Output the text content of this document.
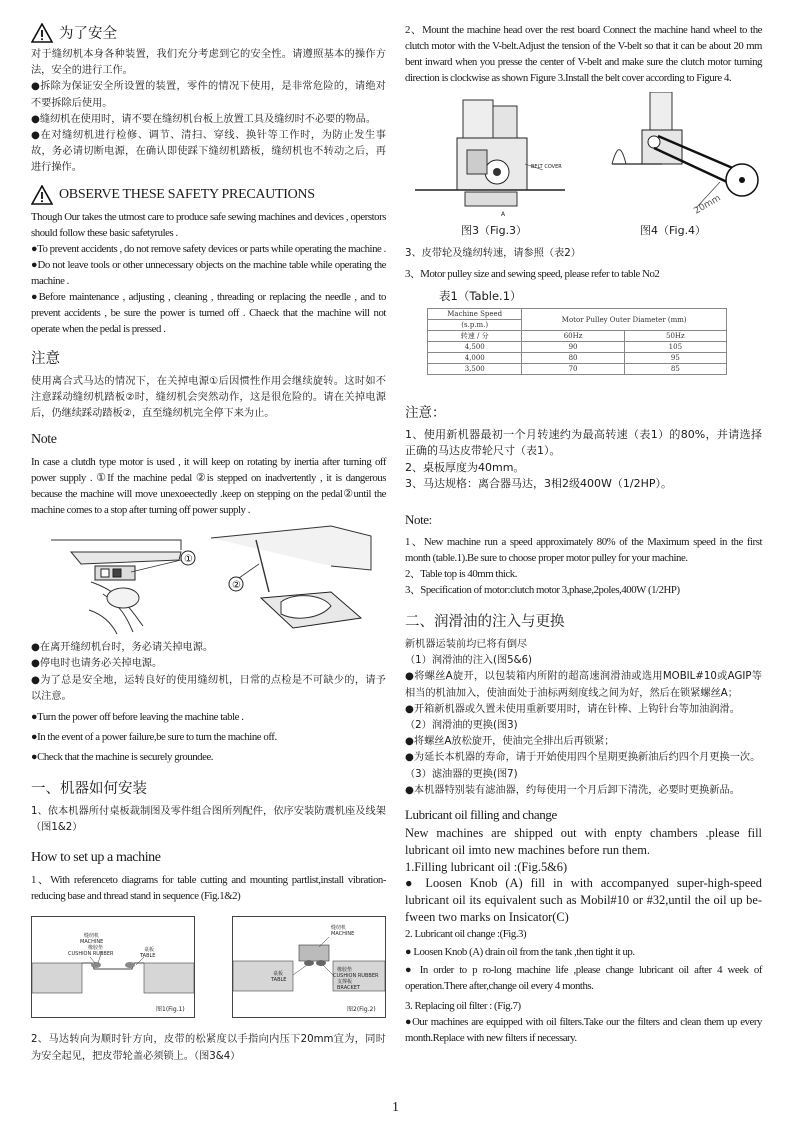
为了安全

对于缝纫机本身各种装置，我们充分考虑到它的安全性。请遵照基本的操作方法，安全的进行工作。

●拆除为保证安全所设置的装置，零件的情况下使用，是非常危险的，请绝对不要拆除后使用。

●缝纫机在使用时，请不要在缝纫机台板上放置工具及缝纫时不必要的物品。

●在对缝纫机进行检修、调节、清扫、穿线、换针等工作时，为防止发生事故，务必请切断电源，在确认即使踩下缝纫机踏板，缝纫机也不转动之后，再进行操作。

OBSERVE THESE SAFETY PRECAUTIONS

Though Our takes the utmost care to produce safe sewing machines and devices , operstors should follow these basic safetyrules .

●To prevent accidents , do not remove safety devices or parts while operating the machine .

●Do not leave tools or other unnecessary objects on the machine table while operating the machine .

●Before maintenance , adjusting , cleaning , threading or replacing the needle , and to prevent accidents , be sure the power is turned off . Chaeck that the machine will not operate when the pedal is pressed .

注意

使用离合式马达的情况下，在关掉电源①后因惯性作用会继续旋转。这时如不注意踩动缝纫机踏板②时，缝纫机会突然动作，这是很危险的。请在关掉电源后，仍继续踩动踏板②，直至缝纫机完全停下来为止。

Note

In case a clutdh type motor is used , it will keep on rotating by inertia after turning off power supply . ①If the machine pedal ②is stepped on inadvertently , it is dangerous because the machine will move unexoeectedly .keep on stepping on the pedal②until the machine comes to a stop after turning off power supply .

①
②

●在离开缝纫机台时，务必请关掉电源。

●停电时也请务必关掉电源。

●为了总是安全地，运转良好的使用缝纫机，日常的点检是不可缺少的，请予以注意。

●Turn the power off before leaving the machine table .

●In the event of a power failure,be sure to turn the machine off.

●Check that the machine is securely groundee.

一、机器如何安装

1、依本机器所付桌板裁制图及零件组合图所列配件，依序安装防震机座及线架（图1&2）

How to set up a machine

1、With referenceto diagrams for table cutting and mounting partlist,install vibration-reducing base and thread stand in sequence (Fig.1&2)

缝纫机
MACHINE
橡胶垫
CUSHION RUBBER
桌板
TABLE
图1(Fig.1)
缝纫机
MACHINE
桌板
TABLE
橡胶垫
CUSHION RUBBER
支撑板
BRACKET
图2(Fig.2)

2、马达转向为顺时针方向，皮带的松紧度以手指向内压下20mm宜为，同时为安全起见，把皮带轮盖必须锁上。（图3&4）

2、Mount the machine head over the rest board Connect the machine hand wheel to the clutch motor with the V-belt.Adjust the tension of the V-belt so that it can be about 20 mm bent inward when you presse the center of V-belt and make sure the clutch motor turning direction is clockwise as shown Figure 3.Install the belt cover according to Figure 4.

BELT COVER
A
图3（Fig.3）
20mm
图4（Fig.4）

3、皮带轮及缝纫转速，请参照（表2）

3、Motor pulley size and sewing speed, please refer to table No2

表1（Table.1）
Machine Speed	Motor Pulley Outer Diameter (mm)	
(s.p.m.)		
转速 / 分	60Hz	50Hz
4,500	90	105
4,000	80	95
3,500	70	85
注意：

1、使用新机器最初一个月转速约为最高转速（表1）的80%，并请选择正确的马达皮带轮尺寸（表1）。

2、桌板厚度为40mm。

3、马达规格：离合器马达，3相2级400W（1/2HP）。

Note:

1、New machine run a speed approximately 80% of the Maximum speed in the first month (table.1).Be sure to choose proper motor pulley for your machine.

2、Table top is 40mm thick.

3、Specification of motor:clutch motor 3,phase,2poles,400W (1/2HP)

二、润滑油的注入与更换

新机器运装前均已将有倒尽

（1）润滑油的注入(图5&6)

●将螺丝A旋开，以包装箱内所附的超高速润滑油或选用MOBIL#10或AGIP等相当的机油加入，使油面处于油标两刻度线之间为好，然后在锁紧螺丝A；

●开箱新机器或久置未使用重新要用时，请在针棒、上钩针台等加油润滑。

（2）润滑油的更换(图3)

●将螺丝A放松旋开，使油完全排出后再锁紧；

●为延长本机器的寿命，请于开始使用四个星期更换新油后约四个月更换一次。

（3）滤油器的更换(图7)

●本机器特别装有滤油器，约每使用一个月后卸下清洗，必要时更换新品。

Lubricant oil filling and change

New machines are shipped out with enpty chambers .please fill lubricant oil imto new machines before run them.

1.Filling lubricant oil :(Fig.5&6)

● Loosen Knob (A) fill in with accompanyed super-high-speed lubricant oil its equivalent such as Mobil#10 or #32,until the oil up be-fween two marks on Insicator(C)

2. Lubricant oil change :(Fig.3)

● Loosen Knob (A) drain oil from the tank ,then tight it up.

● In order to p ro-long machine life ,please change lubricant oil after 4 week of operation.There after,change oil every 4 months.

3. Replacing oil filter : (Fig.7)

●Our machines are equipped with oil filters.Take our the filters and clean them up every month.Replace with new filters if necessary.

1
